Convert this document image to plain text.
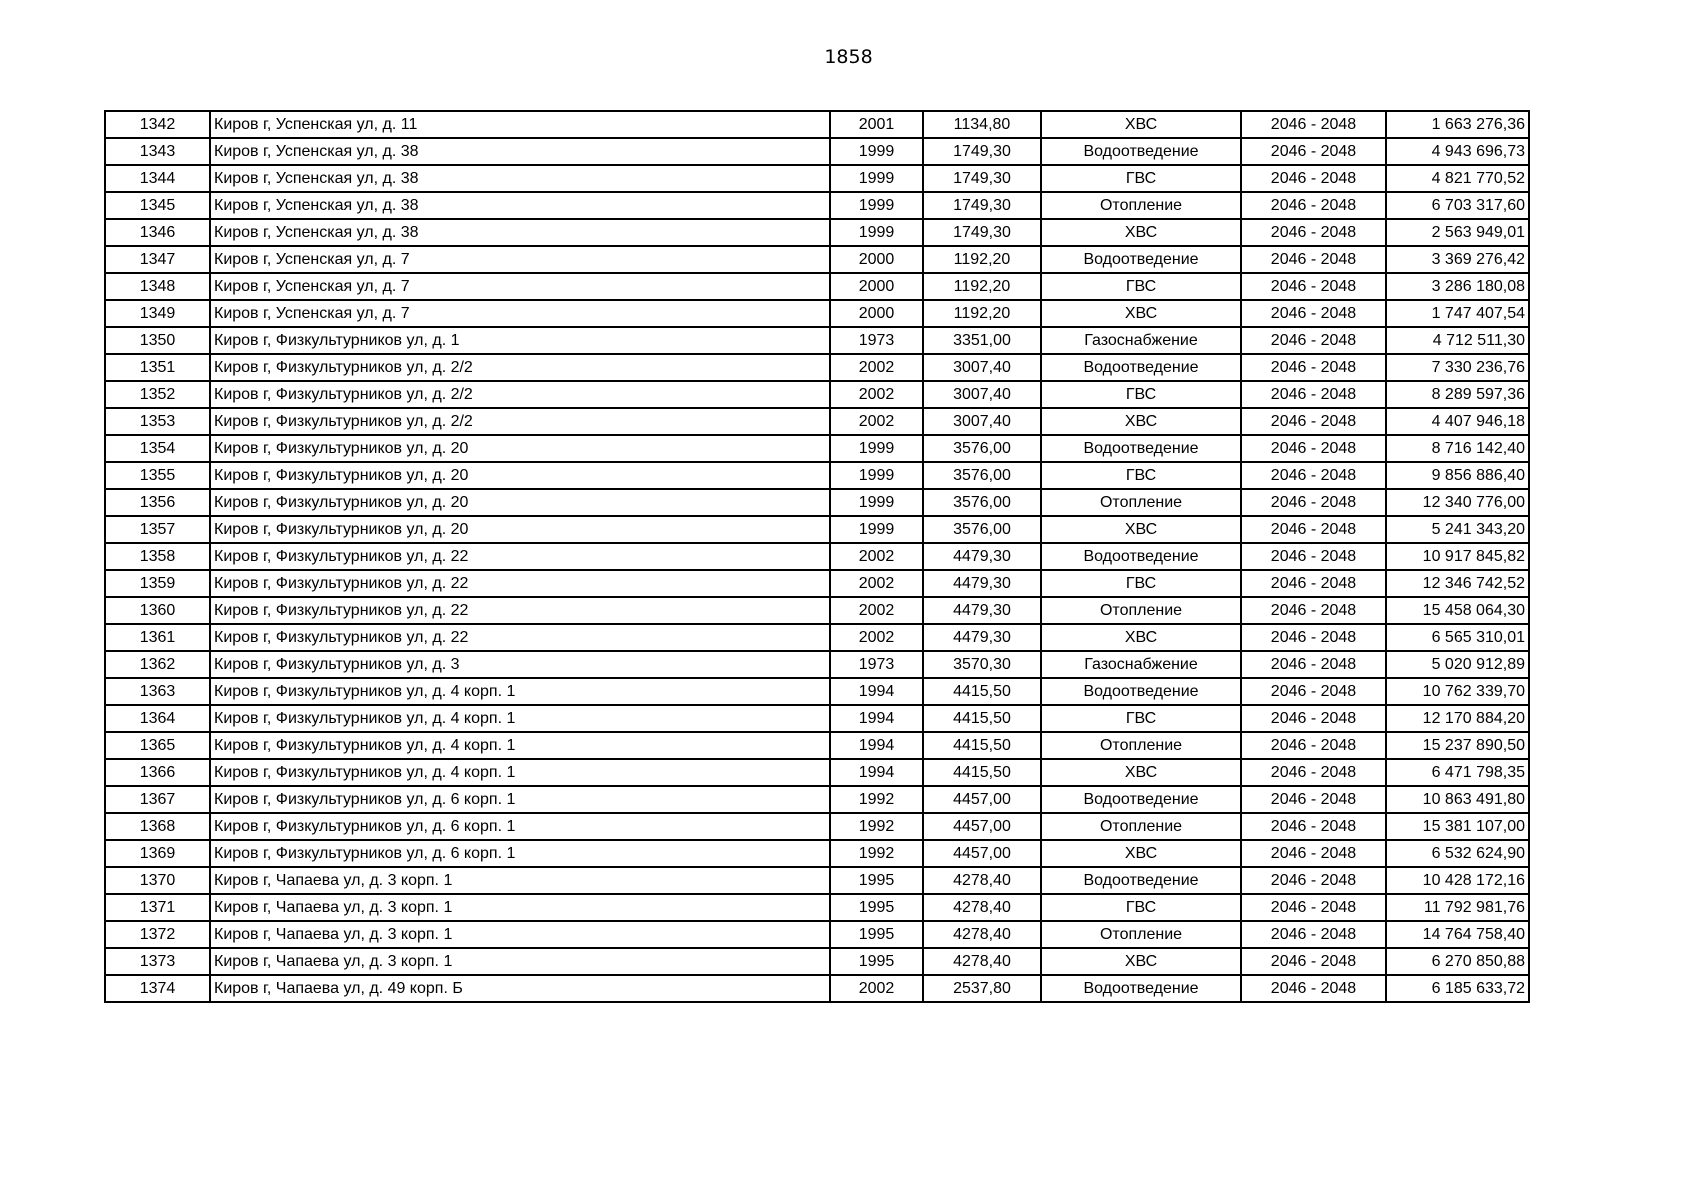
1858
1342	Киров г, Успенская ул, д. 11	2001	1134,80	ХВС	2046 - 2048	1 663 276,36
1343	Киров г, Успенская ул, д. 38	1999	1749,30	Водоотведение	2046 - 2048	4 943 696,73
1344	Киров г, Успенская ул, д. 38	1999	1749,30	ГВС	2046 - 2048	4 821 770,52
1345	Киров г, Успенская ул, д. 38	1999	1749,30	Отопление	2046 - 2048	6 703 317,60
1346	Киров г, Успенская ул, д. 38	1999	1749,30	ХВС	2046 - 2048	2 563 949,01
1347	Киров г, Успенская ул, д. 7	2000	1192,20	Водоотведение	2046 - 2048	3 369 276,42
1348	Киров г, Успенская ул, д. 7	2000	1192,20	ГВС	2046 - 2048	3 286 180,08
1349	Киров г, Успенская ул, д. 7	2000	1192,20	ХВС	2046 - 2048	1 747 407,54
1350	Киров г, Физкультурников ул, д. 1	1973	3351,00	Газоснабжение	2046 - 2048	4 712 511,30
1351	Киров г, Физкультурников ул, д. 2/2	2002	3007,40	Водоотведение	2046 - 2048	7 330 236,76
1352	Киров г, Физкультурников ул, д. 2/2	2002	3007,40	ГВС	2046 - 2048	8 289 597,36
1353	Киров г, Физкультурников ул, д. 2/2	2002	3007,40	ХВС	2046 - 2048	4 407 946,18
1354	Киров г, Физкультурников ул, д. 20	1999	3576,00	Водоотведение	2046 - 2048	8 716 142,40
1355	Киров г, Физкультурников ул, д. 20	1999	3576,00	ГВС	2046 - 2048	9 856 886,40
1356	Киров г, Физкультурников ул, д. 20	1999	3576,00	Отопление	2046 - 2048	12 340 776,00
1357	Киров г, Физкультурников ул, д. 20	1999	3576,00	ХВС	2046 - 2048	5 241 343,20
1358	Киров г, Физкультурников ул, д. 22	2002	4479,30	Водоотведение	2046 - 2048	10 917 845,82
1359	Киров г, Физкультурников ул, д. 22	2002	4479,30	ГВС	2046 - 2048	12 346 742,52
1360	Киров г, Физкультурников ул, д. 22	2002	4479,30	Отопление	2046 - 2048	15 458 064,30
1361	Киров г, Физкультурников ул, д. 22	2002	4479,30	ХВС	2046 - 2048	6 565 310,01
1362	Киров г, Физкультурников ул, д. 3	1973	3570,30	Газоснабжение	2046 - 2048	5 020 912,89
1363	Киров г, Физкультурников ул, д. 4 корп. 1	1994	4415,50	Водоотведение	2046 - 2048	10 762 339,70
1364	Киров г, Физкультурников ул, д. 4 корп. 1	1994	4415,50	ГВС	2046 - 2048	12 170 884,20
1365	Киров г, Физкультурников ул, д. 4 корп. 1	1994	4415,50	Отопление	2046 - 2048	15 237 890,50
1366	Киров г, Физкультурников ул, д. 4 корп. 1	1994	4415,50	ХВС	2046 - 2048	6 471 798,35
1367	Киров г, Физкультурников ул, д. 6 корп. 1	1992	4457,00	Водоотведение	2046 - 2048	10 863 491,80
1368	Киров г, Физкультурников ул, д. 6 корп. 1	1992	4457,00	Отопление	2046 - 2048	15 381 107,00
1369	Киров г, Физкультурников ул, д. 6 корп. 1	1992	4457,00	ХВС	2046 - 2048	6 532 624,90
1370	Киров г, Чапаева ул, д. 3 корп. 1	1995	4278,40	Водоотведение	2046 - 2048	10 428 172,16
1371	Киров г, Чапаева ул, д. 3 корп. 1	1995	4278,40	ГВС	2046 - 2048	11 792 981,76
1372	Киров г, Чапаева ул, д. 3 корп. 1	1995	4278,40	Отопление	2046 - 2048	14 764 758,40
1373	Киров г, Чапаева ул, д. 3 корп. 1	1995	4278,40	ХВС	2046 - 2048	6 270 850,88
1374	Киров г, Чапаева ул, д. 49 корп. Б	2002	2537,80	Водоотведение	2046 - 2048	6 185 633,72
